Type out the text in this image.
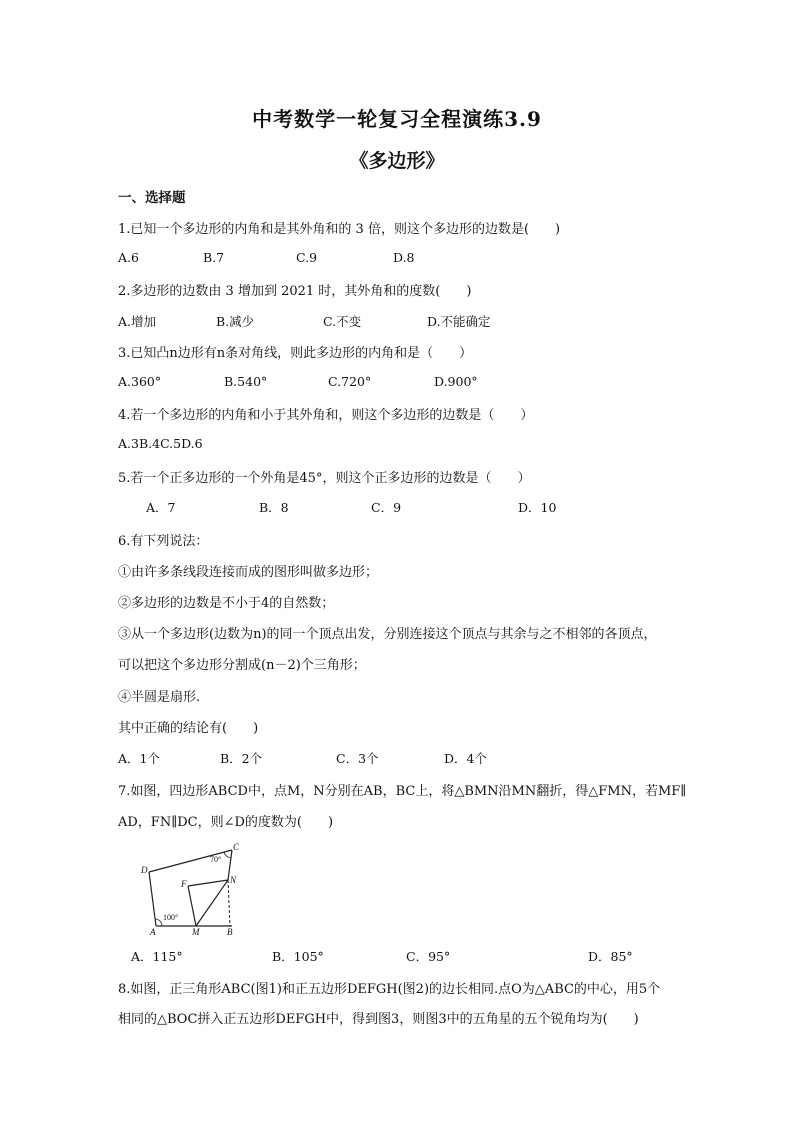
中考数学一轮复习全程演练3.9
《多边形》
一、选择题
1.已知一个多边形的内角和是其外角和的 3 倍，则这个多边形的边数是(　　)
A.6	B.7	C.9	D.8
2.多边形的边数由 3 增加到 2021 时，其外角和的度数(　　)
A.增加	B.减少	C.不变	D.不能确定
3.已知凸n边形有n条对角线，则此多边形的内角和是（　　）
A.360°	B.540°	C.720°	D.900°
4.若一个多边形的内角和小于其外角和，则这个多边形的边数是（　　）
A.3B.4C.5D.6
5.若一个正多边形的一个外角是45°，则这个正多边形的边数是（　　）
A．7	B．8	C．9	D．10
6.有下列说法：
①由许多条线段连接而成的图形叫做多边形；
②多边形的边数是不小于4的自然数；
③从一个多边形(边数为n)的同一个顶点出发，分别连接这个顶点与其余与之不相邻的各顶点，
可以把这个多边形分割成(n－2)个三角形；
④半圆是扇形.
其中正确的结论有(　　)
A．1个	B．2个	C．3个	D．4个
7.如图，四边形ABCD中，点M，N分别在AB，BC上，将△BMN沿MN翻折，得△FMN，若MF∥
AD，FN∥DC，则∠D的度数为(　　)
D
C
F	N
A	M	B
70°
100°
A．115°	B．105°	C．95°	D．85°
8.如图，正三角形ABC(图1)和正五边形DEFGH(图2)的边长相同.点O为△ABC的中心，用5个
相同的△BOC拼入正五边形DEFGH中，得到图3，则图3中的五角星的五个锐角均为(　　)
